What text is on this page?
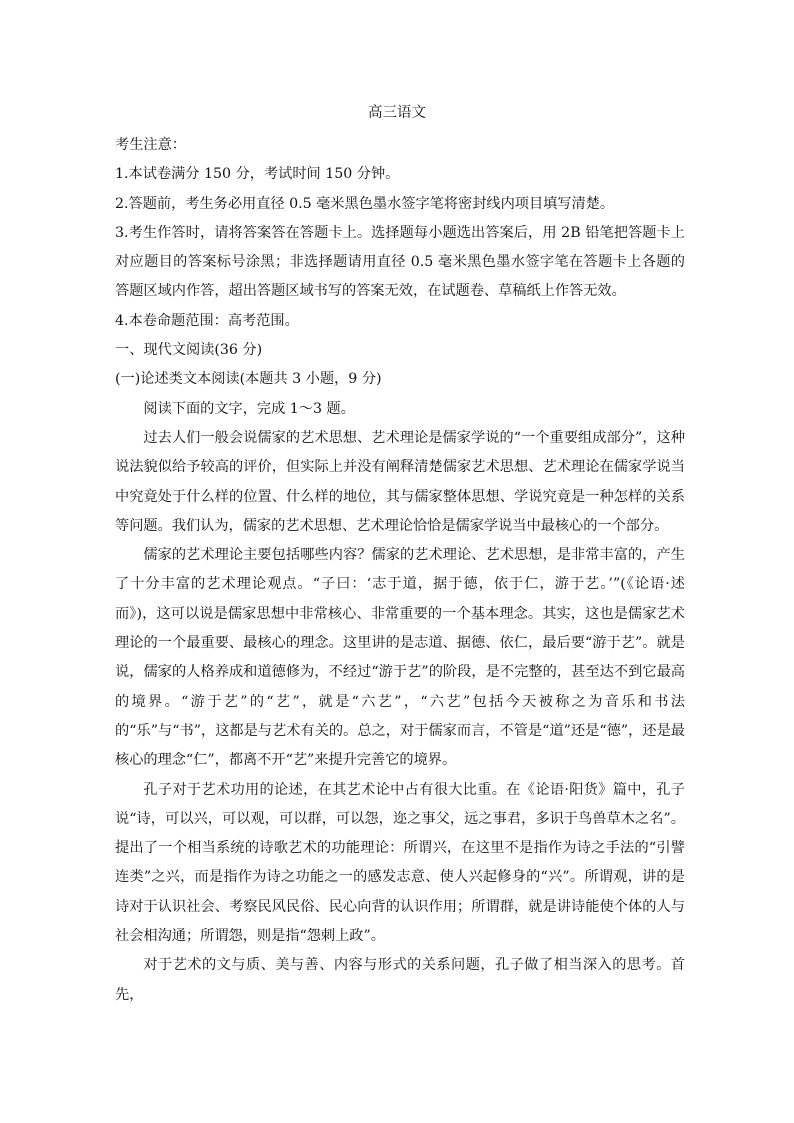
高三语文

考生注意：

1.本试卷满分 150 分，考试时间 150 分钟。

2.答题前，考生务必用直径 0.5 毫米黑色墨水签字笔将密封线内项目填写清楚。

3.考生作答时，请将答案答在答题卡上。选择题每小题选出答案后，用 2B 铅笔把答题卡上对应题目的答案标号涂黑；非选择题请用直径 0.5 毫米黑色墨水签字笔在答题卡上各题的答题区域内作答，超出答题区域书写的答案无效，在试题卷、草稿纸上作答无效。

4.本卷命题范围：高考范围。

一、现代文阅读(36 分)

(一)论述类文本阅读(本题共 3 小题，9 分)

阅读下面的文字，完成 1～3 题。

过去人们一般会说儒家的艺术思想、艺术理论是儒家学说的“一个重要组成部分”，这种说法貌似给予较高的评价，但实际上并没有阐释清楚儒家艺术思想、艺术理论在儒家学说当中究竟处于什么样的位置、什么样的地位，其与儒家整体思想、学说究竟是一种怎样的关系等问题。我们认为，儒家的艺术思想、艺术理论恰恰是儒家学说当中最核心的一个部分。

儒家的艺术理论主要包括哪些内容？儒家的艺术理论、艺术思想，是非常丰富的，产生了十分丰富的艺术理论观点。“子曰：‘志于道，据于德，依于仁，游于艺。’”(《论语·述而》)，这可以说是儒家思想中非常核心、非常重要的一个基本理念。其实，这也是儒家艺术理论的一个最重要、最核心的理念。这里讲的是志道、据德、依仁，最后要“游于艺”。就是说，儒家的人格养成和道德修为，不经过“游于艺”的阶段，是不完整的，甚至达不到它最高的境界。“游于艺”的“艺”，就是“六艺”，“六艺”包括今天被称之为音乐和书法的“乐”与“书”，这都是与艺术有关的。总之，对于儒家而言，不管是“道”还是“德”，还是最核心的理念“仁”，都离不开“艺”来提升完善它的境界。

孔子对于艺术功用的论述，在其艺术论中占有很大比重。在《论语·阳货》篇中，孔子说“诗，可以兴，可以观，可以群，可以怨，迩之事父，远之事君，多识于鸟兽草木之名”。提出了一个相当系统的诗歌艺术的功能理论：所谓兴，在这里不是指作为诗之手法的“引譬连类”之兴，而是指作为诗之功能之一的感发志意、使人兴起修身的“兴”。所谓观，讲的是诗对于认识社会、考察民风民俗、民心向背的认识作用；所谓群，就是讲诗能使个体的人与社会相沟通；所谓怨，则是指“怨刺上政”。

对于艺术的文与质、美与善、内容与形式的关系问题，孔子做了相当深入的思考。首先，
